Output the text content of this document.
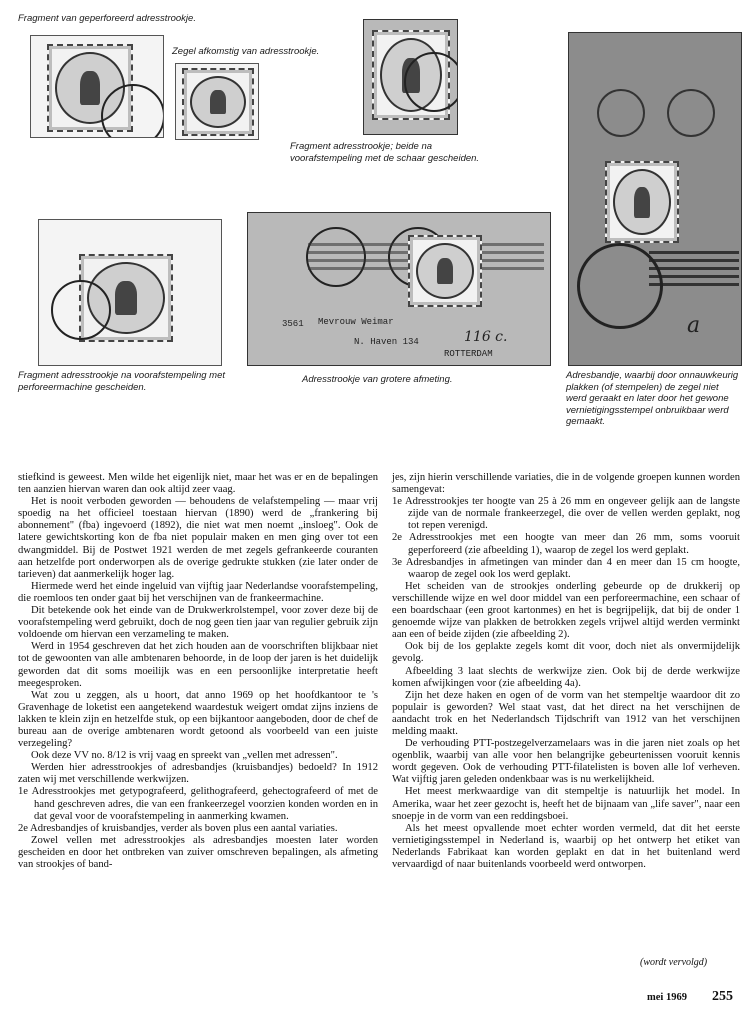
Fragment van geperforeerd adresstrookje.
Zegel afkomstig van adresstrookje.
Fragment adresstrookje; beide na voorafstempeling met de schaar gescheiden.
a
Adresbandje, waarbij door onnauwkeurig plakken (of stempelen) de zegel niet werd geraakt en later door het gewone vernietigingsstempel onbruikbaar werd gemaakt.
Fragment adresstrookje na voorafstempeling met perforeermachine gescheiden.
3561 Mevrouw Weimar
N. Haven 134
ROTTERDAM
116 c.
Adresstrookje van grotere afmeting.

stiefkind is geweest. Men wilde het eigenlijk niet, maar het was er en de bepalingen ten aanzien hiervan waren dan ook altijd zeer vaag.

Het is nooit verboden geworden — behoudens de velafstempeling — maar vrij spoedig na het officieel toestaan hiervan (1890) werd de „frankering bij abonnement" (fba) ingevoerd (1892), die niet wat men noemt „insloeg". Ook de latere gewichtskorting kon de fba niet populair maken en men ging over tot een dwangmiddel. Bij de Postwet 1921 werden de met zegels gefrankeerde couranten aan hetzelfde port onderworpen als de overige gedrukte stukken (zie later onder de tarieven) dat aanmerkelijk hoger lag.

Hiermede werd het einde ingeluid van vijftig jaar Nederlandse voorafstempeling, die roemloos ten onder gaat bij het verschijnen van de frankeermachine.

Dit betekende ook het einde van de Drukwerkrolstempel, voor zover deze bij de voorafstempeling werd gebruikt, doch de nog geen tien jaar van regulier gebruik zijn voldoende om hiervan een verzameling te maken.

Werd in 1954 geschreven dat het zich houden aan de voorschriften blijkbaar niet tot de gewoonten van alle ambtenaren behoorde, in de loop der jaren is het duidelijk geworden dat dit soms moeilijk was en een persoonlijke interpretatie heeft meegesproken.

Wat zou u zeggen, als u hoort, dat anno 1969 op het hoofdkantoor te 's Gravenhage de loketist een aangetekend waardestuk weigert omdat zijns inziens de lakken te klein zijn en hetzelfde stuk, op een bijkantoor aangeboden, door de chef de bureau aan de overige ambtenaren wordt getoond als voorbeeld van een juiste verzegeling?

Ook deze VV no. 8/12 is vrij vaag en spreekt van „vellen met adressen".

Werden hier adresstrookjes of adresbandjes (kruisbandjes) bedoeld? In 1912 zaten wij met verschillende werkwijzen.

1e Adresstrookjes met getypografeerd, gelithografeerd, gehectografeerd of met de hand geschreven adres, die van een frankeerzegel voorzien konden worden en in dat geval voor de voorafstempeling in aanmerking kwamen.

2e Adresbandjes of kruisbandjes, verder als boven plus een aantal variaties.

Zowel vellen met adresstrookjes als adresbandjes moesten later worden gescheiden en door het ontbreken van zuiver omschreven bepalingen, als afmeting van strookjes of band-

jes, zijn hierin verschillende variaties, die in de volgende groepen kunnen worden samengevat:

1e Adresstrookjes ter hoogte van 25 à 26 mm en ongeveer gelijk aan de langste zijde van de normale frankeerzegel, die over de vellen werden geplakt, nog tot repen verenigd.

2e Adresstrookjes met een hoogte van meer dan 26 mm, soms vooruit geperforeerd (zie afbeelding 1), waarop de zegel los werd geplakt.

3e Adresbandjes in afmetingen van minder dan 4 en meer dan 15 cm hoogte, waarop de zegel ook los werd geplakt.

Het scheiden van de strookjes onderling gebeurde op de drukkerij op verschillende wijze en wel door middel van een perforeermachine, een schaar of een boardschaar (een groot kartonmes) en het is begrijpelijk, dat bij de onder 1 genoemde wijze van plakken de betrokken zegels vrijwel altijd werden verminkt aan een of beide zijden (zie afbeelding 2).

Ook bij de los geplakte zegels komt dit voor, doch niet als onvermijdelijk gevolg.

Afbeelding 3 laat slechts de werkwijze zien. Ook bij de derde werkwijze komen afwijkingen voor (zie afbeelding 4a).

Zijn het deze haken en ogen of de vorm van het stempeltje waardoor dit zo populair is geworden? Wel staat vast, dat het direct na het verschijnen de aandacht trok en het Nederlandsch Tijdschrift van 1912 van het verschijnen melding maakt.

De verhouding PTT-postzegelverzamelaars was in die jaren niet zoals op het ogenblik, waarbij van alle voor hen belangrijke gebeurtenissen vooruit kennis wordt gegeven. Ook de verhouding PTT-filatelisten is boven alle lof verheven. Wat vijftig jaren geleden ondenkbaar was is nu werkelijkheid.

Het meest merkwaardige van dit stempeltje is natuurlijk het model. In Amerika, waar het zeer gezocht is, heeft het de bijnaam van „life saver", naar een snoepje in de vorm van een reddingsboei.

Als het meest opvallende moet echter worden vermeld, dat dit het eerste vernietigingsstempel in Nederland is, waarbij op het ontwerp het etiket van Nederlands Fabrikaat kan worden geplakt en dat in het buitenland werd vervaardigd of naar buitenlands voorbeeld werd ontworpen.

(wordt vervolgd)
mei 1969 255
